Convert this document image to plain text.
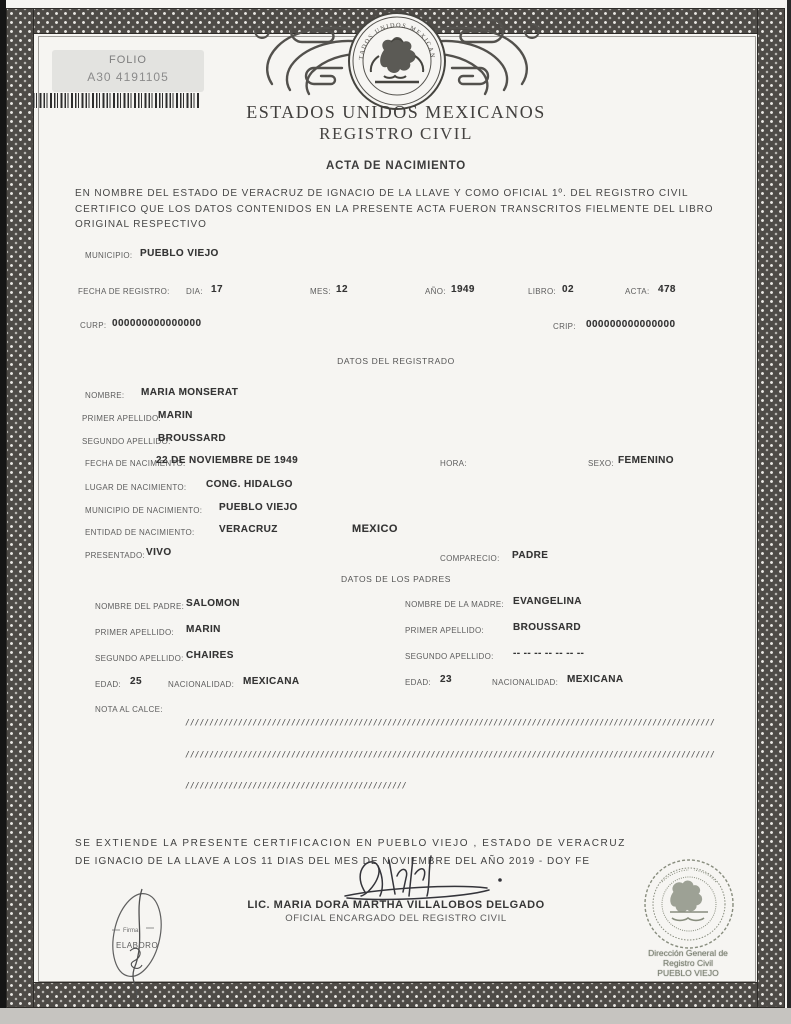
FOLIO
A30 4191105
ESTADOS UNIDOS MEXICANOS
ESTADOS UNIDOS MEXICANOS
REGISTRO CIVIL
ACTA DE NACIMIENTO
EN NOMBRE DEL ESTADO DE VERACRUZ DE IGNACIO DE LA LLAVE Y COMO OFICIAL 1º. DEL REGISTRO CIVIL CERTIFICO QUE LOS DATOS CONTENIDOS EN LA PRESENTE ACTA FUERON TRANSCRITOS FIELMENTE DEL LIBRO ORIGINAL RESPECTIVO
MUNICIPIO: PUEBLO VIEJO
FECHA DE REGISTRO: DIA: 17	MES: 12	AÑO: 1949	LIBRO: 02	ACTA: 478
CURP: 000000000000000	CRIP: 000000000000000
DATOS DEL REGISTRADO
NOMBRE: MARIA MONSERAT
PRIMER APELLIDO:
MARIN
SEGUNDO APELLIDO:
BROUSSARD
FECHA DE NACIMIENTO:
22 DE NOVIEMBRE DE 1949	HORA:	SEXO: FEMENINO
LUGAR DE NACIMIENTO: CONG. HIDALGO
MUNICIPIO DE NACIMIENTO: PUEBLO VIEJO
ENTIDAD DE NACIMIENTO: VERACRUZ	MEXICO
PRESENTADO: VIVO
COMPARECIO: PADRE
DATOS DE LOS PADRES
NOMBRE DEL PADRE: SALOMON	NOMBRE DE LA MADRE: EVANGELINA
PRIMER APELLIDO: MARIN	PRIMER APELLIDO:	BROUSSARD
SEGUNDO APELLIDO: CHAIRES	SEGUNDO APELLIDO: -- -- -- -- -- -- --
EDAD: 25	NACIONALIDAD: MEXICANA	EDAD: 23	NACIONALIDAD: MEXICANA
NOTA AL CALCE:

//////////////////////////////////////////////////////////////////////////////////////////////////////////////

//////////////////////////////////////////////////////////////////////////////////////////////////////////////

//////////////////////////////////////////////

SE EXTIENDE LA PRESENTE CERTIFICACION EN PUEBLO VIEJO , ESTADO DE VERACRUZ
DE IGNACIO DE LA LLAVE A LOS 11 DIAS DEL MES DE NOVIEMBRE DEL AÑO 2019 - DOY FE
LIC. MARIA DORA MARTHA VILLALOBOS DELGADO
OFICIAL ENCARGADO DEL REGISTRO CIVIL
Firma
ELABORO
Dirección General de
Registro Civil
PUEBLO VIEJO
